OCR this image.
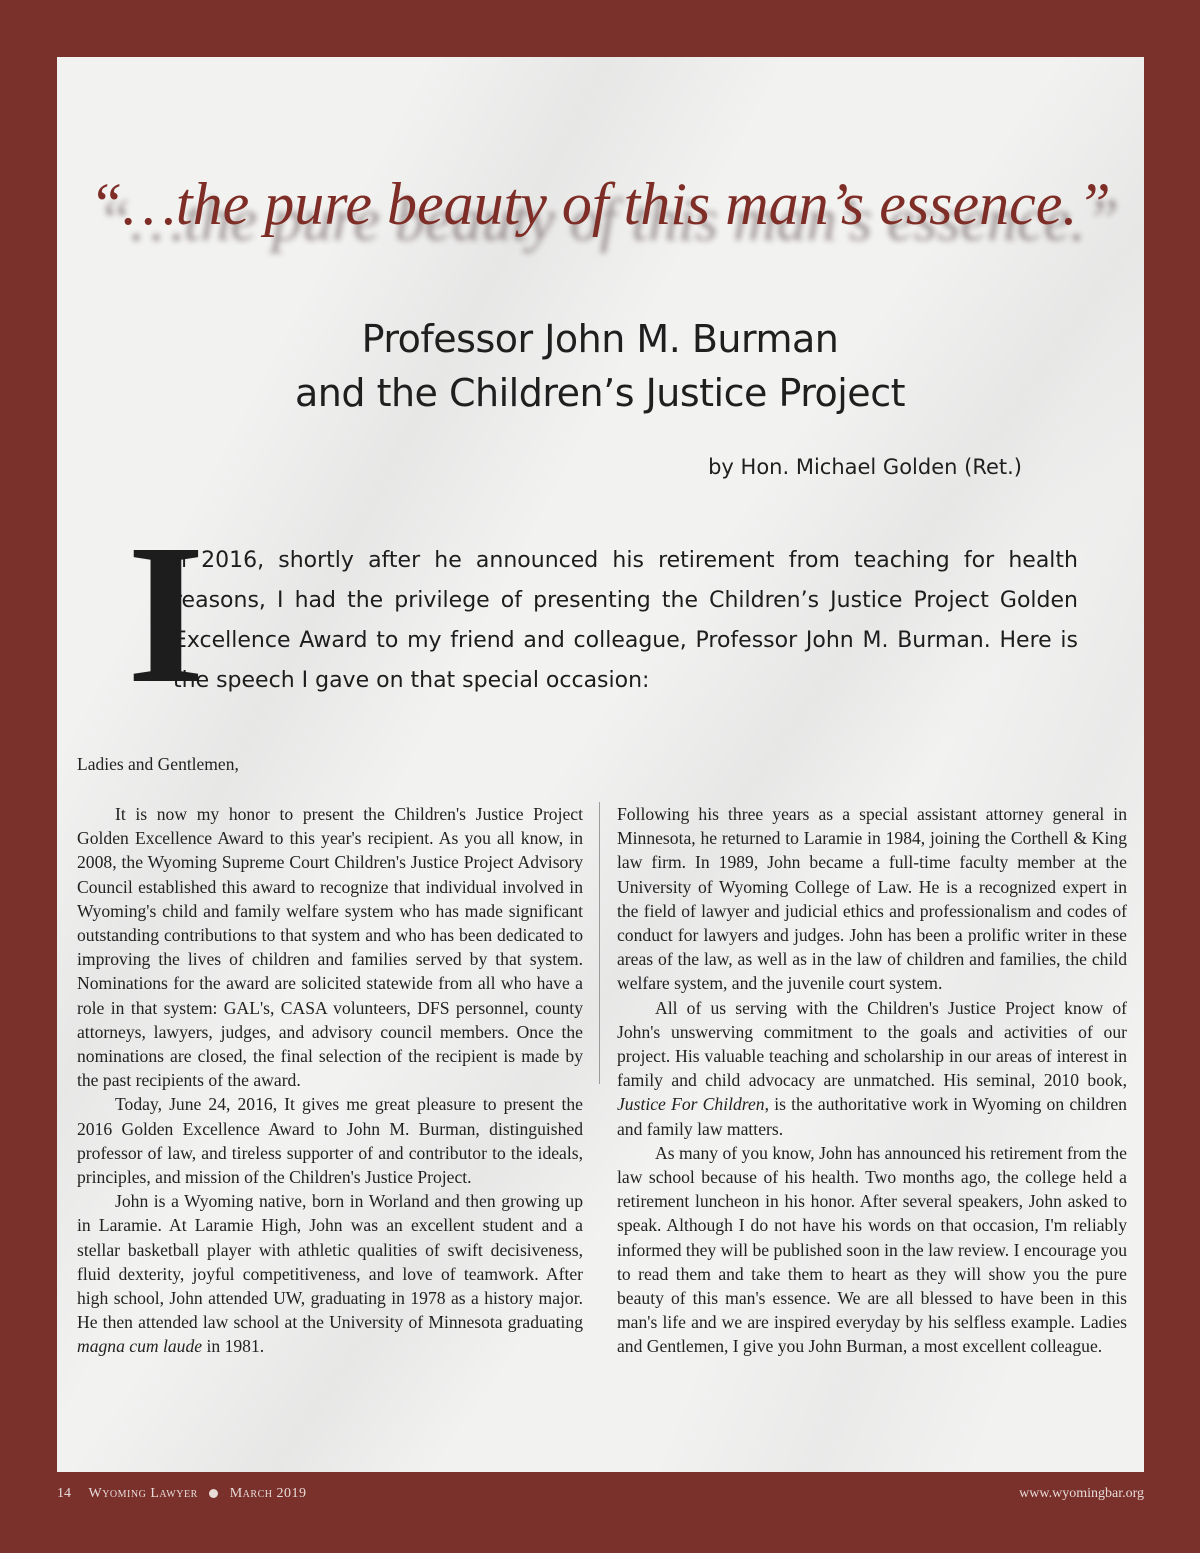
“…the pure beauty of this man’s essence.”
Professor John M. Burman
and the Children’s Justice Project

by Hon. Michael Golden (Ret.)

I

n 2016, shortly after he announced his retirement from teaching for health reasons, I had the privilege of presenting the Children’s Justice Project Golden Excellence Award to my friend and colleague, Professor John M. Burman. Here is the speech I gave on that special occasion:

Ladies and Gentlemen,

It is now my honor to present the Children's Justice Project Golden Excellence Award to this year's recipient. As you all know, in 2008, the Wyoming Supreme Court Children's Justice Project Advisory Council established this award to recognize that individual involved in Wyoming's child and family welfare system who has made significant outstanding contributions to that system and who has been dedicated to improving the lives of children and families served by that system. Nominations for the award are solicited statewide from all who have a role in that system: GAL's, CASA volunteers, DFS personnel, county attorneys, lawyers, judges, and advisory council members. Once the nominations are closed, the final selection of the recipient is made by the past recipients of the award.

Today, June 24, 2016, It gives me great pleasure to present the 2016 Golden Excellence Award to John M. Burman, distinguished professor of law, and tireless supporter of and contributor to the ideals, principles, and mission of the Children's Justice Project.

John is a Wyoming native, born in Worland and then growing up in Laramie. At Laramie High, John was an excellent student and a stellar basketball player with athletic qualities of swift decisiveness, fluid dexterity, joyful competitiveness, and love of teamwork. After high school, John attended UW, graduating in 1978 as a history major. He then attended law school at the University of Minnesota graduating magna cum laude in 1981.

Following his three years as a special assistant attorney general in Minnesota, he returned to Laramie in 1984, joining the Corthell & King law firm. In 1989, John became a full-time faculty member at the University of Wyoming College of Law. He is a recognized expert in the field of lawyer and judicial ethics and professionalism and codes of conduct for lawyers and judges. John has been a prolific writer in these areas of the law, as well as in the law of children and families, the child welfare system, and the juvenile court system.

All of us serving with the Children's Justice Project know of John's unswerving commitment to the goals and activities of our project. His valuable teaching and scholarship in our areas of interest in family and child advocacy are unmatched. His seminal, 2010 book, Justice For Children, is the authoritative work in Wyoming on children and family law matters.

As many of you know, John has announced his retirement from the law school because of his health. Two months ago, the college held a retirement luncheon in his honor. After several speakers, John asked to speak. Although I do not have his words on that occasion, I'm reliably informed they will be published soon in the law review. I encourage you to read them and take them to heart as they will show you the pure beauty of this man's essence. We are all blessed to have been in this man's life and we are inspired everyday by his selfless example. Ladies and Gentlemen, I give you John Burman, a most excellent colleague.

14 Wyoming Lawyer March 2019	www.wyomingbar.org
